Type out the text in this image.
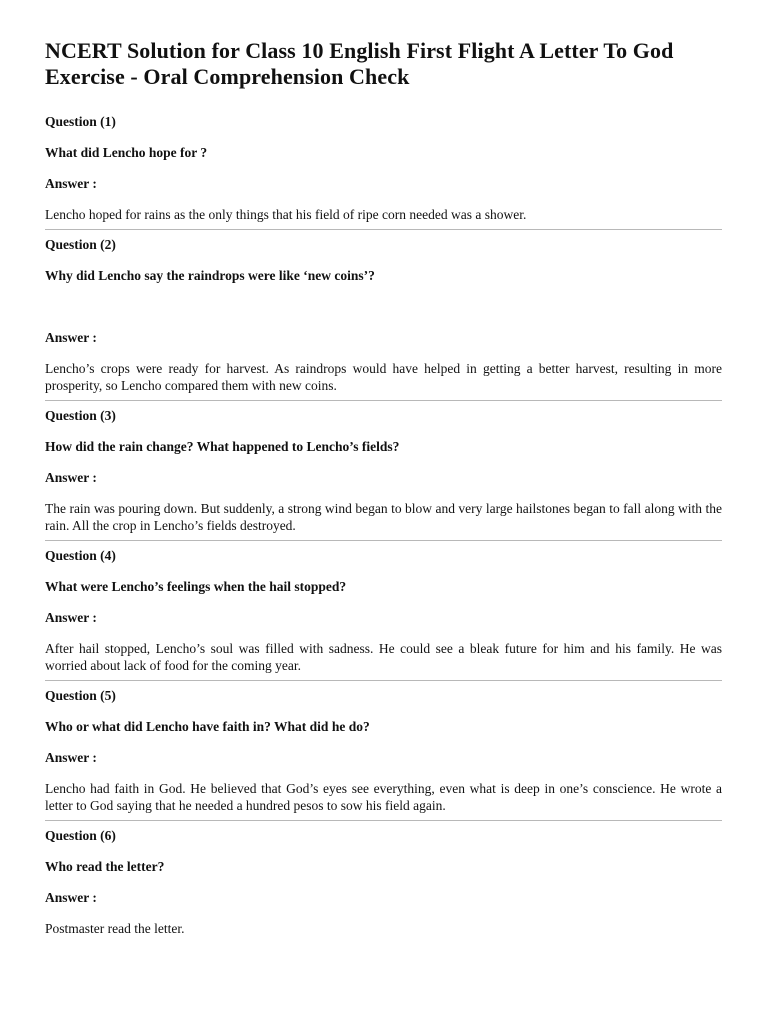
NCERT Solution for Class 10 English First Flight A Letter To God Exercise - Oral Comprehension Check

Question (1)

What did Lencho hope for ?

Answer :

Lencho hoped for rains as the only things that his field of ripe corn needed was a shower.

Question (2)

Why did Lencho say the raindrops were like ‘new coins’?

Answer :

Lencho’s crops were ready for harvest. As raindrops would have helped in getting a better harvest, resulting in more prosperity, so Lencho compared them with new coins.

Question (3)

How did the rain change? What happened to Lencho’s fields?

Answer :

The rain was pouring down. But suddenly, a strong wind began to blow and very large hailstones began to fall along with the rain. All the crop in Lencho’s fields destroyed.

Question (4)

What were Lencho’s feelings when the hail stopped?

Answer :

After hail stopped, Lencho’s soul was filled with sadness. He could see a bleak future for him and his family. He was worried about lack of food for the coming year.

Question (5)

Who or what did Lencho have faith in? What did he do?

Answer :

Lencho had faith in God. He believed that God’s eyes see everything, even what is deep in one’s conscience. He wrote a letter to God saying that he needed a hundred pesos to sow his field again.

Question (6)

Who read the letter?

Answer :

Postmaster read the letter.
